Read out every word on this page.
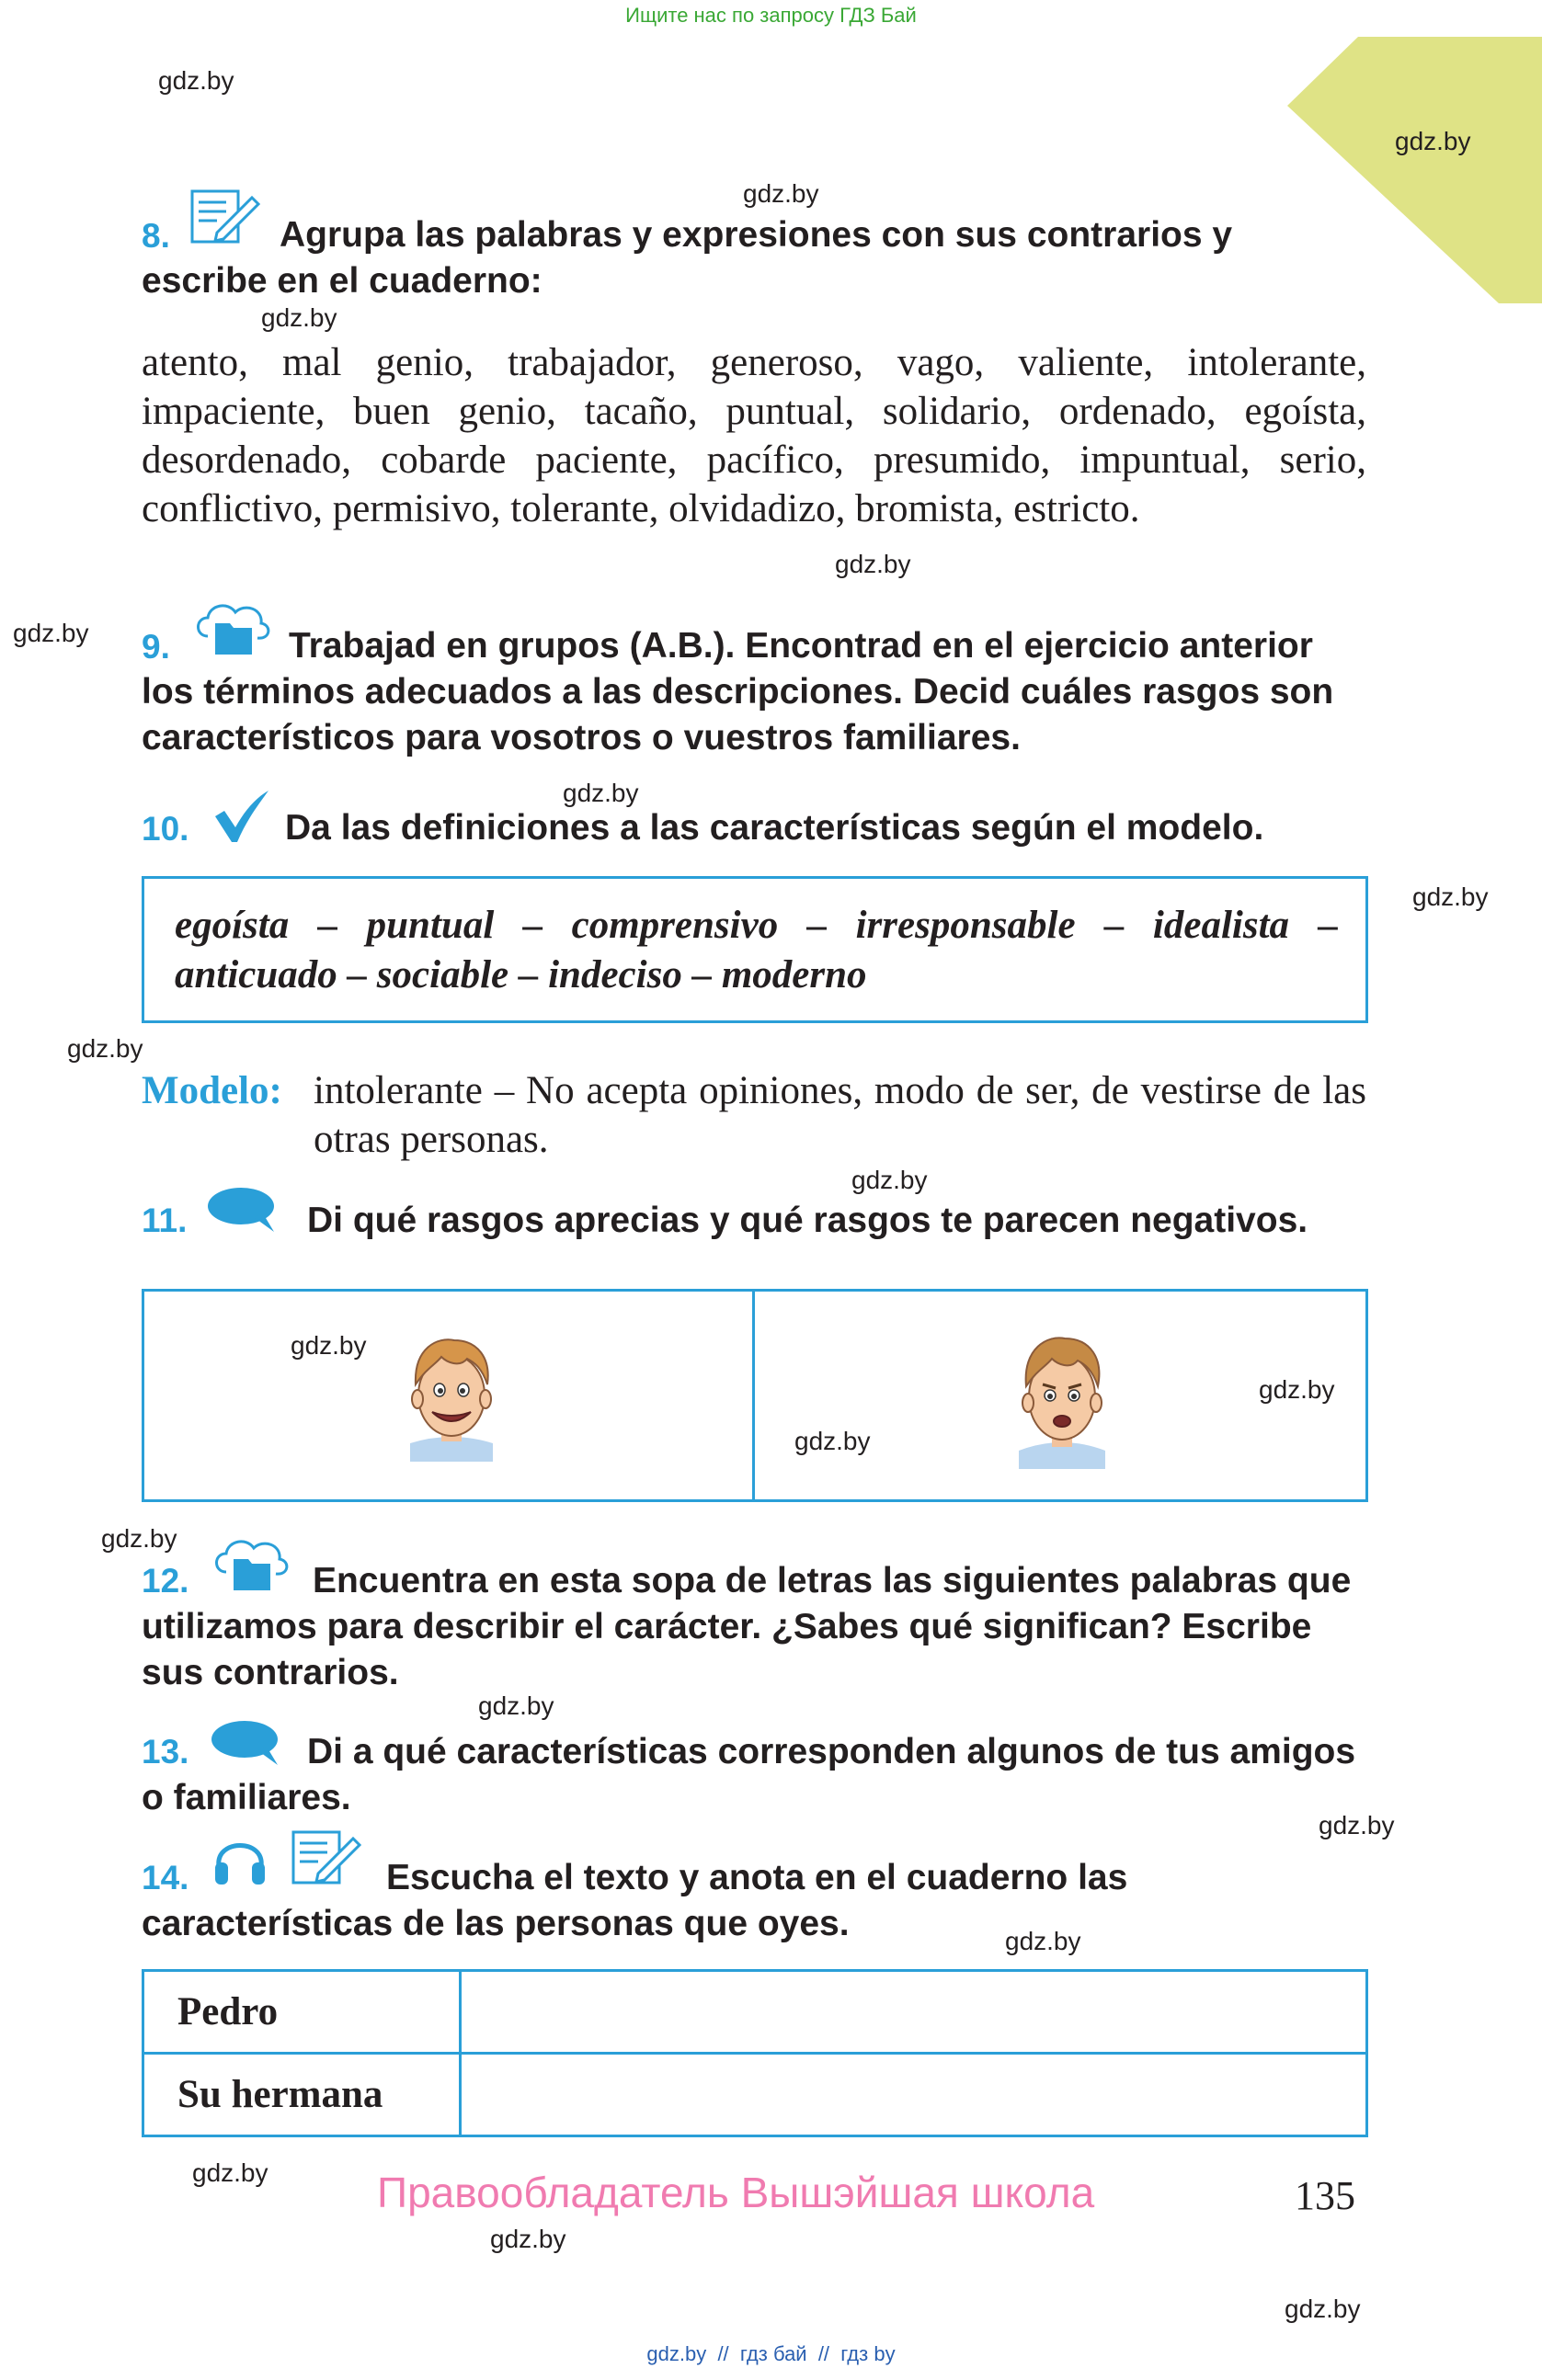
Ищите нас по запросу ГДЗ Бай
gdz.by
gdz.by
gdz.by
gdz.by
gdz.by
gdz.by
gdz.by
gdz.by
gdz.by
gdz.by
gdz.by
gdz.by
gdz.by
gdz.by
gdz.by
gdz.by
gdz.by
gdz.by
gdz.by
gdz.by
8.	Agrupa las palabras y expresiones con sus contrarios y escribe en el cuaderno:
atento, mal genio, trabajador, generoso, vago, valiente, intolerante, impaciente, buen genio, tacaño, puntual, solidario, ordenado, egoísta, desordenado, cobarde paciente, pacífico, presumido, impuntual, serio, conflictivo, permisivo, tolerante, olvidadizo, bromista, estricto.
9.	Trabajad en grupos (A.B.). Encontrad en el ejercicio anterior los términos adecuados a las descripciones. Decid cuáles rasgos son característicos para vosotros o vuestros familiares.
10.	Da las definiciones a las características según el modelo.
egoísta – puntual – comprensivo – irresponsable – idealista – anticuado – sociable – indeciso – moderno
Modelo: intolerante – No acepta opiniones, modo de ser, de vestirse de las otras personas.
11.	Di qué rasgos aprecias y qué rasgos te parecen negativos.
12.	Encuentra en esta sopa de letras las siguientes palabras que utilizamos para describir el carácter. ¿Sabes qué significan? Escribe sus contrarios.
13.	Di a qué características corresponden algunos de tus amigos o familiares.
14.	Escucha el texto y anota en el cuaderno las características de las personas que oyes.
Pedro	
Su hermana	
Правообладатель Вышэйшая школа	135
gdz.by  //  гдз бай  //  гдз by
